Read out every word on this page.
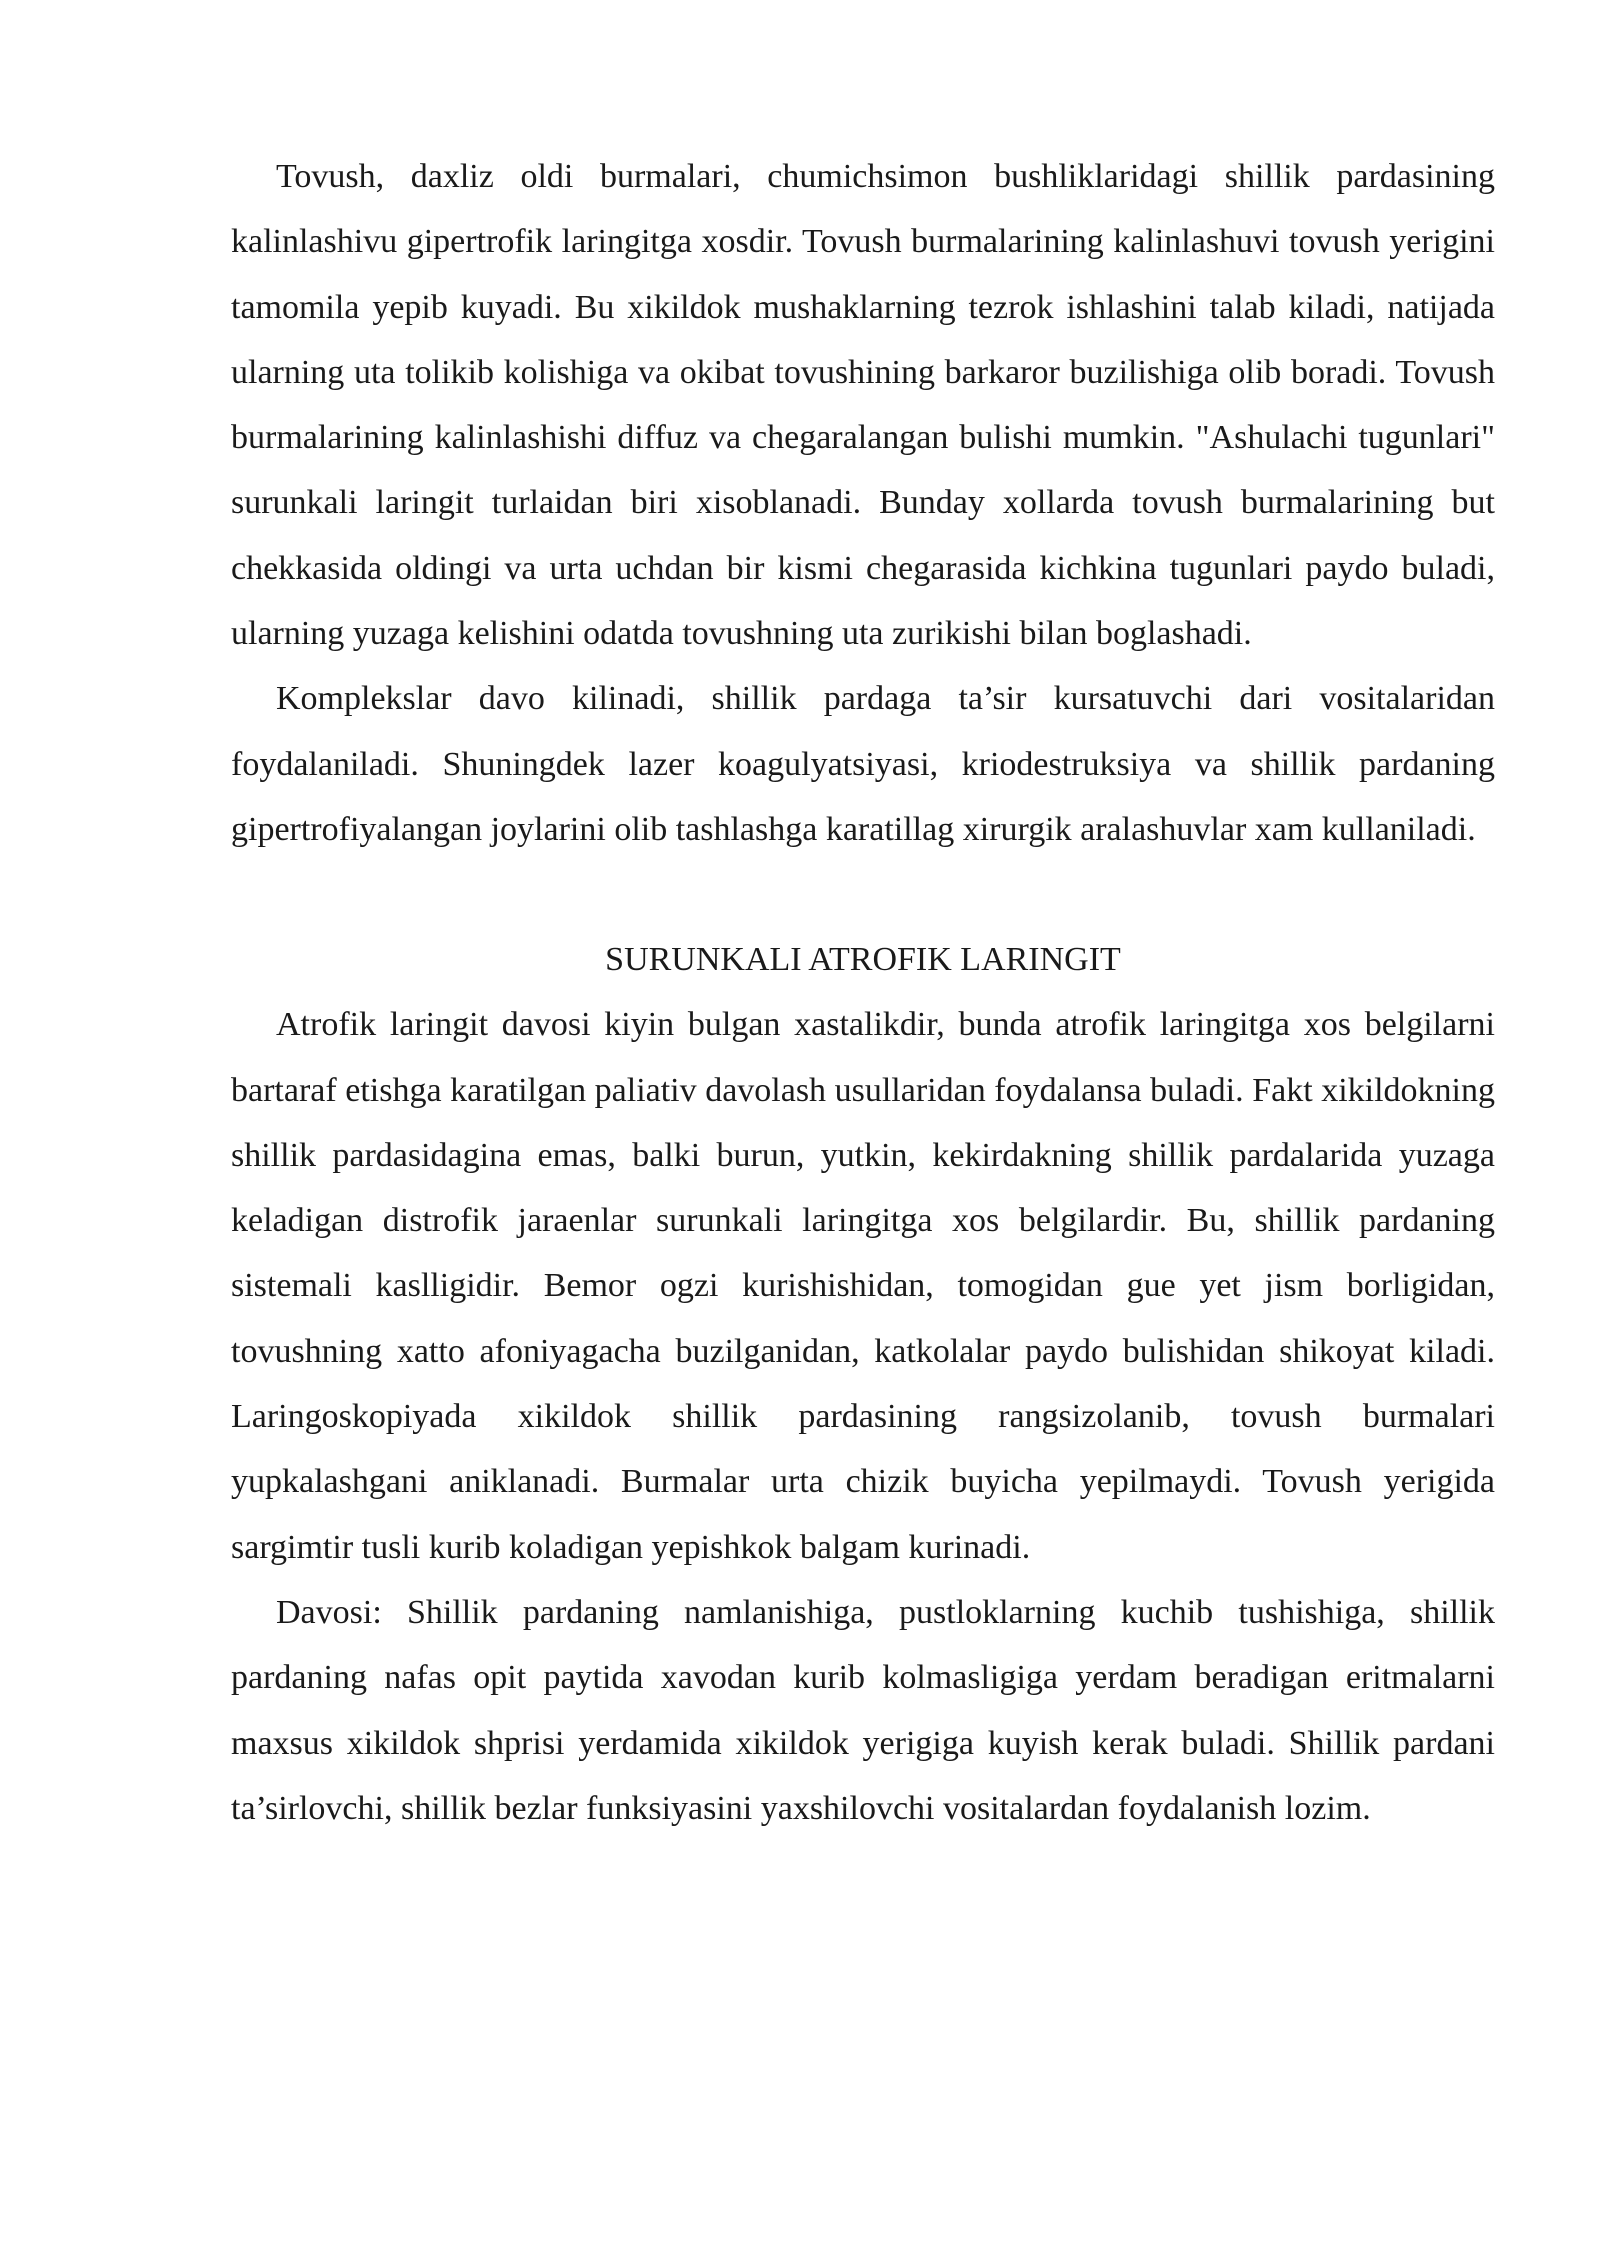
Tovush, daxliz oldi burmalari, chumichsimon bushliklaridagi shillik pardasining kalinlashivu gipertrofik laringitga xosdir. Tovush burmalarining kalinlashuvi tovush yerigini tamomila yepib kuyadi. Bu xikildok mushaklarning tezrok ishlashini talab kiladi, natijada ularning uta tolikib kolishiga va okibat tovushining barkaror buzilishiga olib boradi. Tovush burmalarining kalinlashishi diffuz va chegaralangan bulishi mumkin. "Ashulachi tugunlari" surunkali laringit turlaidan biri xisoblanadi. Bunday xollarda tovush burmalarining but chekkasida oldingi va urta uchdan bir kismi chegarasida kichkina tugunlari paydo buladi, ularning yuzaga kelishini odatda tovushning uta zurikishi bilan boglashadi.

Komplekslar davo kilinadi, shillik pardaga ta’sir kursatuvchi dari vositalaridan foydalaniladi. Shuningdek lazer koagulyatsiyasi, kriodestruksiya va shillik pardaning gipertrofiyalangan joylarini olib tashlashga karatillag xirurgik aralashuvlar xam kullaniladi.

SURUNKALI ATROFIK LARINGIT

Atrofik laringit davosi kiyin bulgan xastalikdir, bunda atrofik laringitga xos belgilarni bartaraf etishga karatilgan paliativ davolash usullaridan foydalansa buladi. Fakt xikildokning shillik pardasidagina emas, balki burun, yutkin, kekirdakning shillik pardalarida yuzaga keladigan distrofik jaraenlar surunkali laringitga xos belgilardir. Bu, shillik pardaning sistemali kaslligidir. Bemor ogzi kurishishidan, tomogidan gue yet jism borligidan, tovushning xatto afoniyagacha buzilganidan, katkolalar paydo bulishidan shikoyat kiladi. Laringoskopiyada xikildok shillik pardasining rangsizolanib, tovush burmalari yupkalashgani aniklanadi. Burmalar urta chizik buyicha yepilmaydi. Tovush yerigida sargimtir tusli kurib koladigan yepishkok balgam kurinadi.

Davosi: Shillik pardaning namlanishiga, pustloklarning kuchib tushishiga, shillik pardaning nafas opit paytida xavodan kurib kolmasligiga yerdam beradigan eritmalarni maxsus xikildok shprisi yerdamida xikildok yerigiga kuyish kerak buladi. Shillik pardani ta’sirlovchi, shillik bezlar funksiyasini yaxshilovchi vositalardan foydalanish lozim.
